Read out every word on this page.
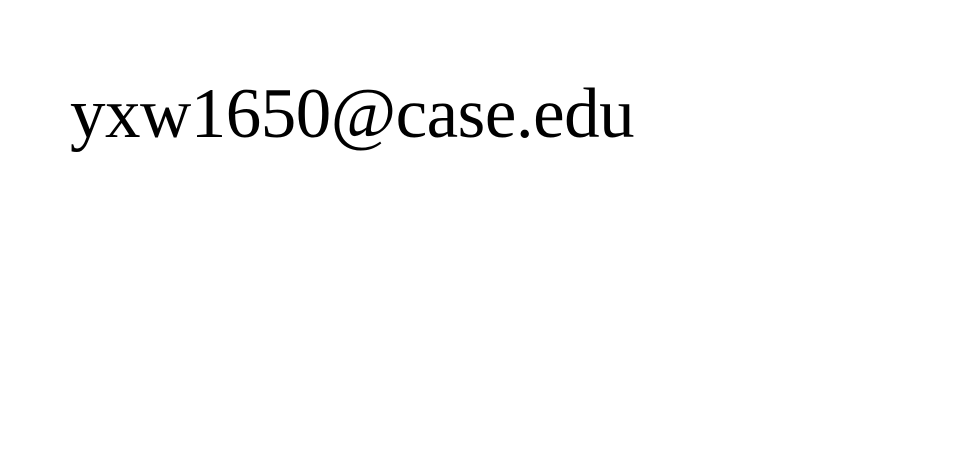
yxw1650@case.edu
